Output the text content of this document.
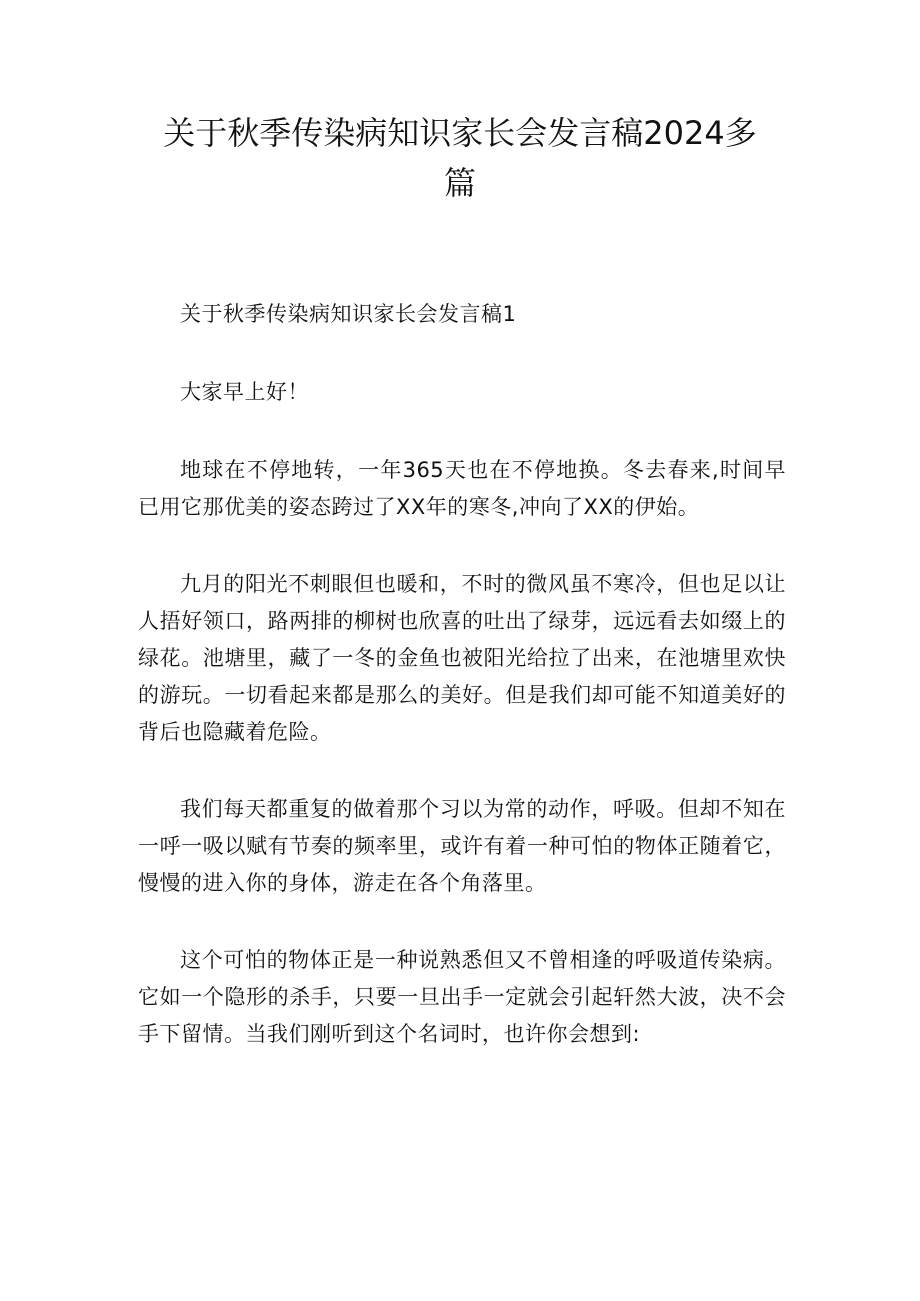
关于秋季传染病知识家长会发言稿2024多篇

关于秋季传染病知识家长会发言稿1

大家早上好！

地球在不停地转，一年365天也在不停地换。冬去春来,时间早已用它那优美的姿态跨过了XX年的寒冬,冲向了XX的伊始。

九月的阳光不刺眼但也暖和，不时的微风虽不寒冷，但也足以让人捂好领口，路两排的柳树也欣喜的吐出了绿芽，远远看去如缀上的绿花。池塘里，藏了一冬的金鱼也被阳光给拉了出来，在池塘里欢快的游玩。一切看起来都是那么的美好。但是我们却可能不知道美好的背后也隐藏着危险。

我们每天都重复的做着那个习以为常的动作，呼吸。但却不知在一呼一吸以赋有节奏的频率里，或许有着一种可怕的物体正随着它，慢慢的进入你的身体，游走在各个角落里。

这个可怕的物体正是一种说熟悉但又不曾相逢的呼吸道传染病。它如一个隐形的杀手，只要一旦出手一定就会引起轩然大波，决不会手下留情。当我们刚听到这个名词时，也许你会想到:
